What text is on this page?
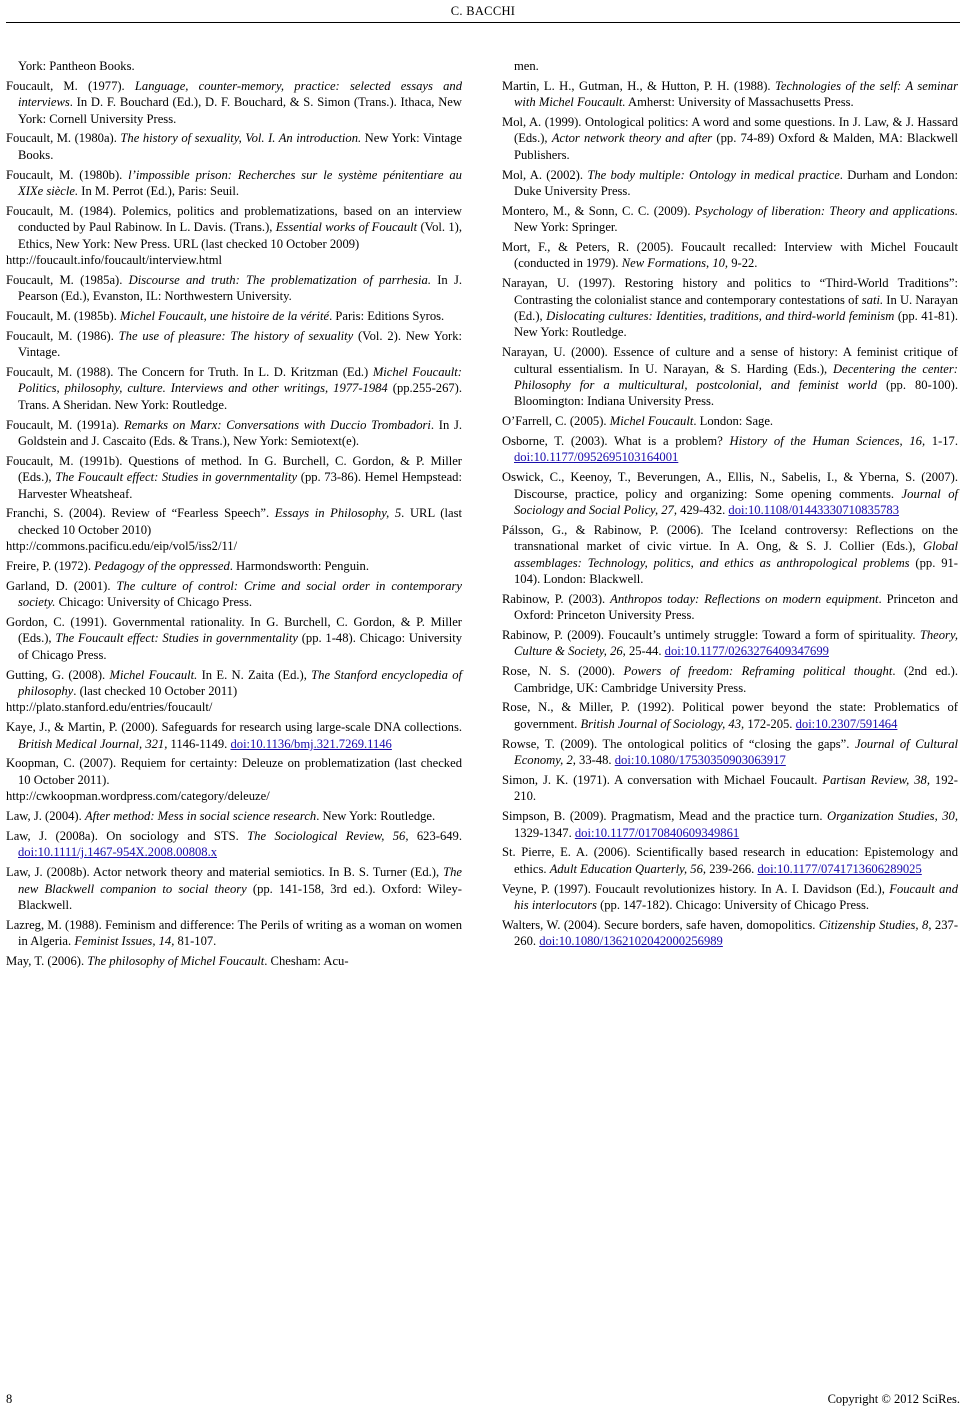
C. BACCHI
York: Pantheon Books.
Foucault, M. (1977). Language, counter-memory, practice: selected essays and interviews. In D. F. Bouchard (Ed.), D. F. Bouchard, & S. Simon (Trans.). Ithaca, New York: Cornell University Press.
Foucault, M. (1980a). The history of sexuality, Vol. I. An introduction. New York: Vintage Books.
Foucault, M. (1980b). l’impossible prison: Recherches sur le système pénitentiare au XIXe siècle. In M. Perrot (Ed.), Paris: Seuil.
Foucault, M. (1984). Polemics, politics and problematizations, based on an interview conducted by Paul Rabinow. In L. Davis. (Trans.), Essential works of Foucault (Vol. 1), Ethics, New York: New Press. URL (last checked 10 October 2009)
http://foucault.info/foucault/interview.html
Foucault, M. (1985a). Discourse and truth: The problematization of parrhesia. In J. Pearson (Ed.), Evanston, IL: Northwestern University.
Foucault, M. (1985b). Michel Foucault, une histoire de la vérité. Paris: Editions Syros.
Foucault, M. (1986). The use of pleasure: The history of sexuality (Vol. 2). New York: Vintage.
Foucault, M. (1988). The Concern for Truth. In L. D. Kritzman (Ed.) Michel Foucault: Politics, philosophy, culture. Interviews and other writings, 1977-1984 (pp.255-267). Trans. A Sheridan. New York: Routledge.
Foucault, M. (1991a). Remarks on Marx: Conversations with Duccio Trombadori. In J. Goldstein and J. Cascaito (Eds. & Trans.), New York: Semiotext(e).
Foucault, M. (1991b). Questions of method. In G. Burchell, C. Gordon, & P. Miller (Eds.), The Foucault effect: Studies in governmentality (pp. 73-86). Hemel Hempstead: Harvester Wheatsheaf.
Franchi, S. (2004). Review of “Fearless Speech”. Essays in Philosophy, 5. URL (last checked 10 October 2010)
http://commons.pacificu.edu/eip/vol5/iss2/11/
Freire, P. (1972). Pedagogy of the oppressed. Harmondsworth: Penguin.
Garland, D. (2001). The culture of control: Crime and social order in contemporary society. Chicago: University of Chicago Press.
Gordon, C. (1991). Governmental rationality. In G. Burchell, C. Gordon, & P. Miller (Eds.), The Foucault effect: Studies in governmentality (pp. 1-48). Chicago: University of Chicago Press.
Gutting, G. (2008). Michel Foucault. In E. N. Zaita (Ed.), The Stanford encyclopedia of philosophy. (last checked 10 October 2011)
http://plato.stanford.edu/entries/foucault/
Kaye, J., & Martin, P. (2000). Safeguards for research using large-scale DNA collections. British Medical Journal, 321, 1146-1149. doi:10.1136/bmj.321.7269.1146
Koopman, C. (2007). Requiem for certainty: Deleuze on problematization (last checked 10 October 2011).
http://cwkoopman.wordpress.com/category/deleuze/
Law, J. (2004). After method: Mess in social science research. New York: Routledge.
Law, J. (2008a). On sociology and STS. The Sociological Review, 56, 623-649. doi:10.1111/j.1467-954X.2008.00808.x
Law, J. (2008b). Actor network theory and material semiotics. In B. S. Turner (Ed.), The new Blackwell companion to social theory (pp. 141-158, 3rd ed.). Oxford: Wiley-Blackwell.
Lazreg, M. (1988). Feminism and difference: The Perils of writing as a woman on women in Algeria. Feminist Issues, 14, 81-107.
May, T. (2006). The philosophy of Michel Foucault. Chesham: Acu-
men.
Martin, L. H., Gutman, H., & Hutton, P. H. (1988). Technologies of the self: A seminar with Michel Foucault. Amherst: University of Massachusetts Press.
Mol, A. (1999). Ontological politics: A word and some questions. In J. Law, & J. Hassard (Eds.), Actor network theory and after (pp. 74-89) Oxford & Malden, MA: Blackwell Publishers.
Mol, A. (2002). The body multiple: Ontology in medical practice. Durham and London: Duke University Press.
Montero, M., & Sonn, C. C. (2009). Psychology of liberation: Theory and applications. New York: Springer.
Mort, F., & Peters, R. (2005). Foucault recalled: Interview with Michel Foucault (conducted in 1979). New Formations, 10, 9-22.
Narayan, U. (1997). Restoring history and politics to “Third-World Traditions”: Contrasting the colonialist stance and contemporary contestations of sati. In U. Narayan (Ed.), Dislocating cultures: Identities, traditions, and third-world feminism (pp. 41-81). New York: Routledge.
Narayan, U. (2000). Essence of culture and a sense of history: A feminist critique of cultural essentialism. In U. Narayan, & S. Harding (Eds.), Decentering the center: Philosophy for a multicultural, postcolonial, and feminist world (pp. 80-100). Bloomington: Indiana University Press.
O’Farrell, C. (2005). Michel Foucault. London: Sage.
Osborne, T. (2003). What is a problem? History of the Human Sciences, 16, 1-17. doi:10.1177/0952695103164001
Oswick, C., Keenoy, T., Beverungen, A., Ellis, N., Sabelis, I., & Yberna, S. (2007). Discourse, practice, policy and organizing: Some opening comments. Journal of Sociology and Social Policy, 27, 429-432. doi:10.1108/01443330710835783
Pálsson, G., & Rabinow, P. (2006). The Iceland controversy: Reflections on the transnational market of civic virtue. In A. Ong, & S. J. Collier (Eds.), Global assemblages: Technology, politics, and ethics as anthropological problems (pp. 91-104). London: Blackwell.
Rabinow, P. (2003). Anthropos today: Reflections on modern equipment. Princeton and Oxford: Princeton University Press.
Rabinow, P. (2009). Foucault’s untimely struggle: Toward a form of spirituality. Theory, Culture & Society, 26, 25-44. doi:10.1177/0263276409347699
Rose, N. S. (2000). Powers of freedom: Reframing political thought. (2nd ed.). Cambridge, UK: Cambridge University Press.
Rose, N., & Miller, P. (1992). Political power beyond the state: Problematics of government. British Journal of Sociology, 43, 172-205. doi:10.2307/591464
Rowse, T. (2009). The ontological politics of “closing the gaps”. Journal of Cultural Economy, 2, 33-48. doi:10.1080/17530350903063917
Simon, J. K. (1971). A conversation with Michael Foucault. Partisan Review, 38, 192-210.
Simpson, B. (2009). Pragmatism, Mead and the practice turn. Organization Studies, 30, 1329-1347. doi:10.1177/0170840609349861
St. Pierre, E. A. (2006). Scientifically based research in education: Epistemology and ethics. Adult Education Quarterly, 56, 239-266. doi:10.1177/0741713606289025
Veyne, P. (1997). Foucault revolutionizes history. In A. I. Davidson (Ed.), Foucault and his interlocutors (pp. 147-182). Chicago: University of Chicago Press.
Walters, W. (2004). Secure borders, safe haven, domopolitics. Citizenship Studies, 8, 237-260. doi:10.1080/1362102042000256989
8	Copyright © 2012 SciRes.
